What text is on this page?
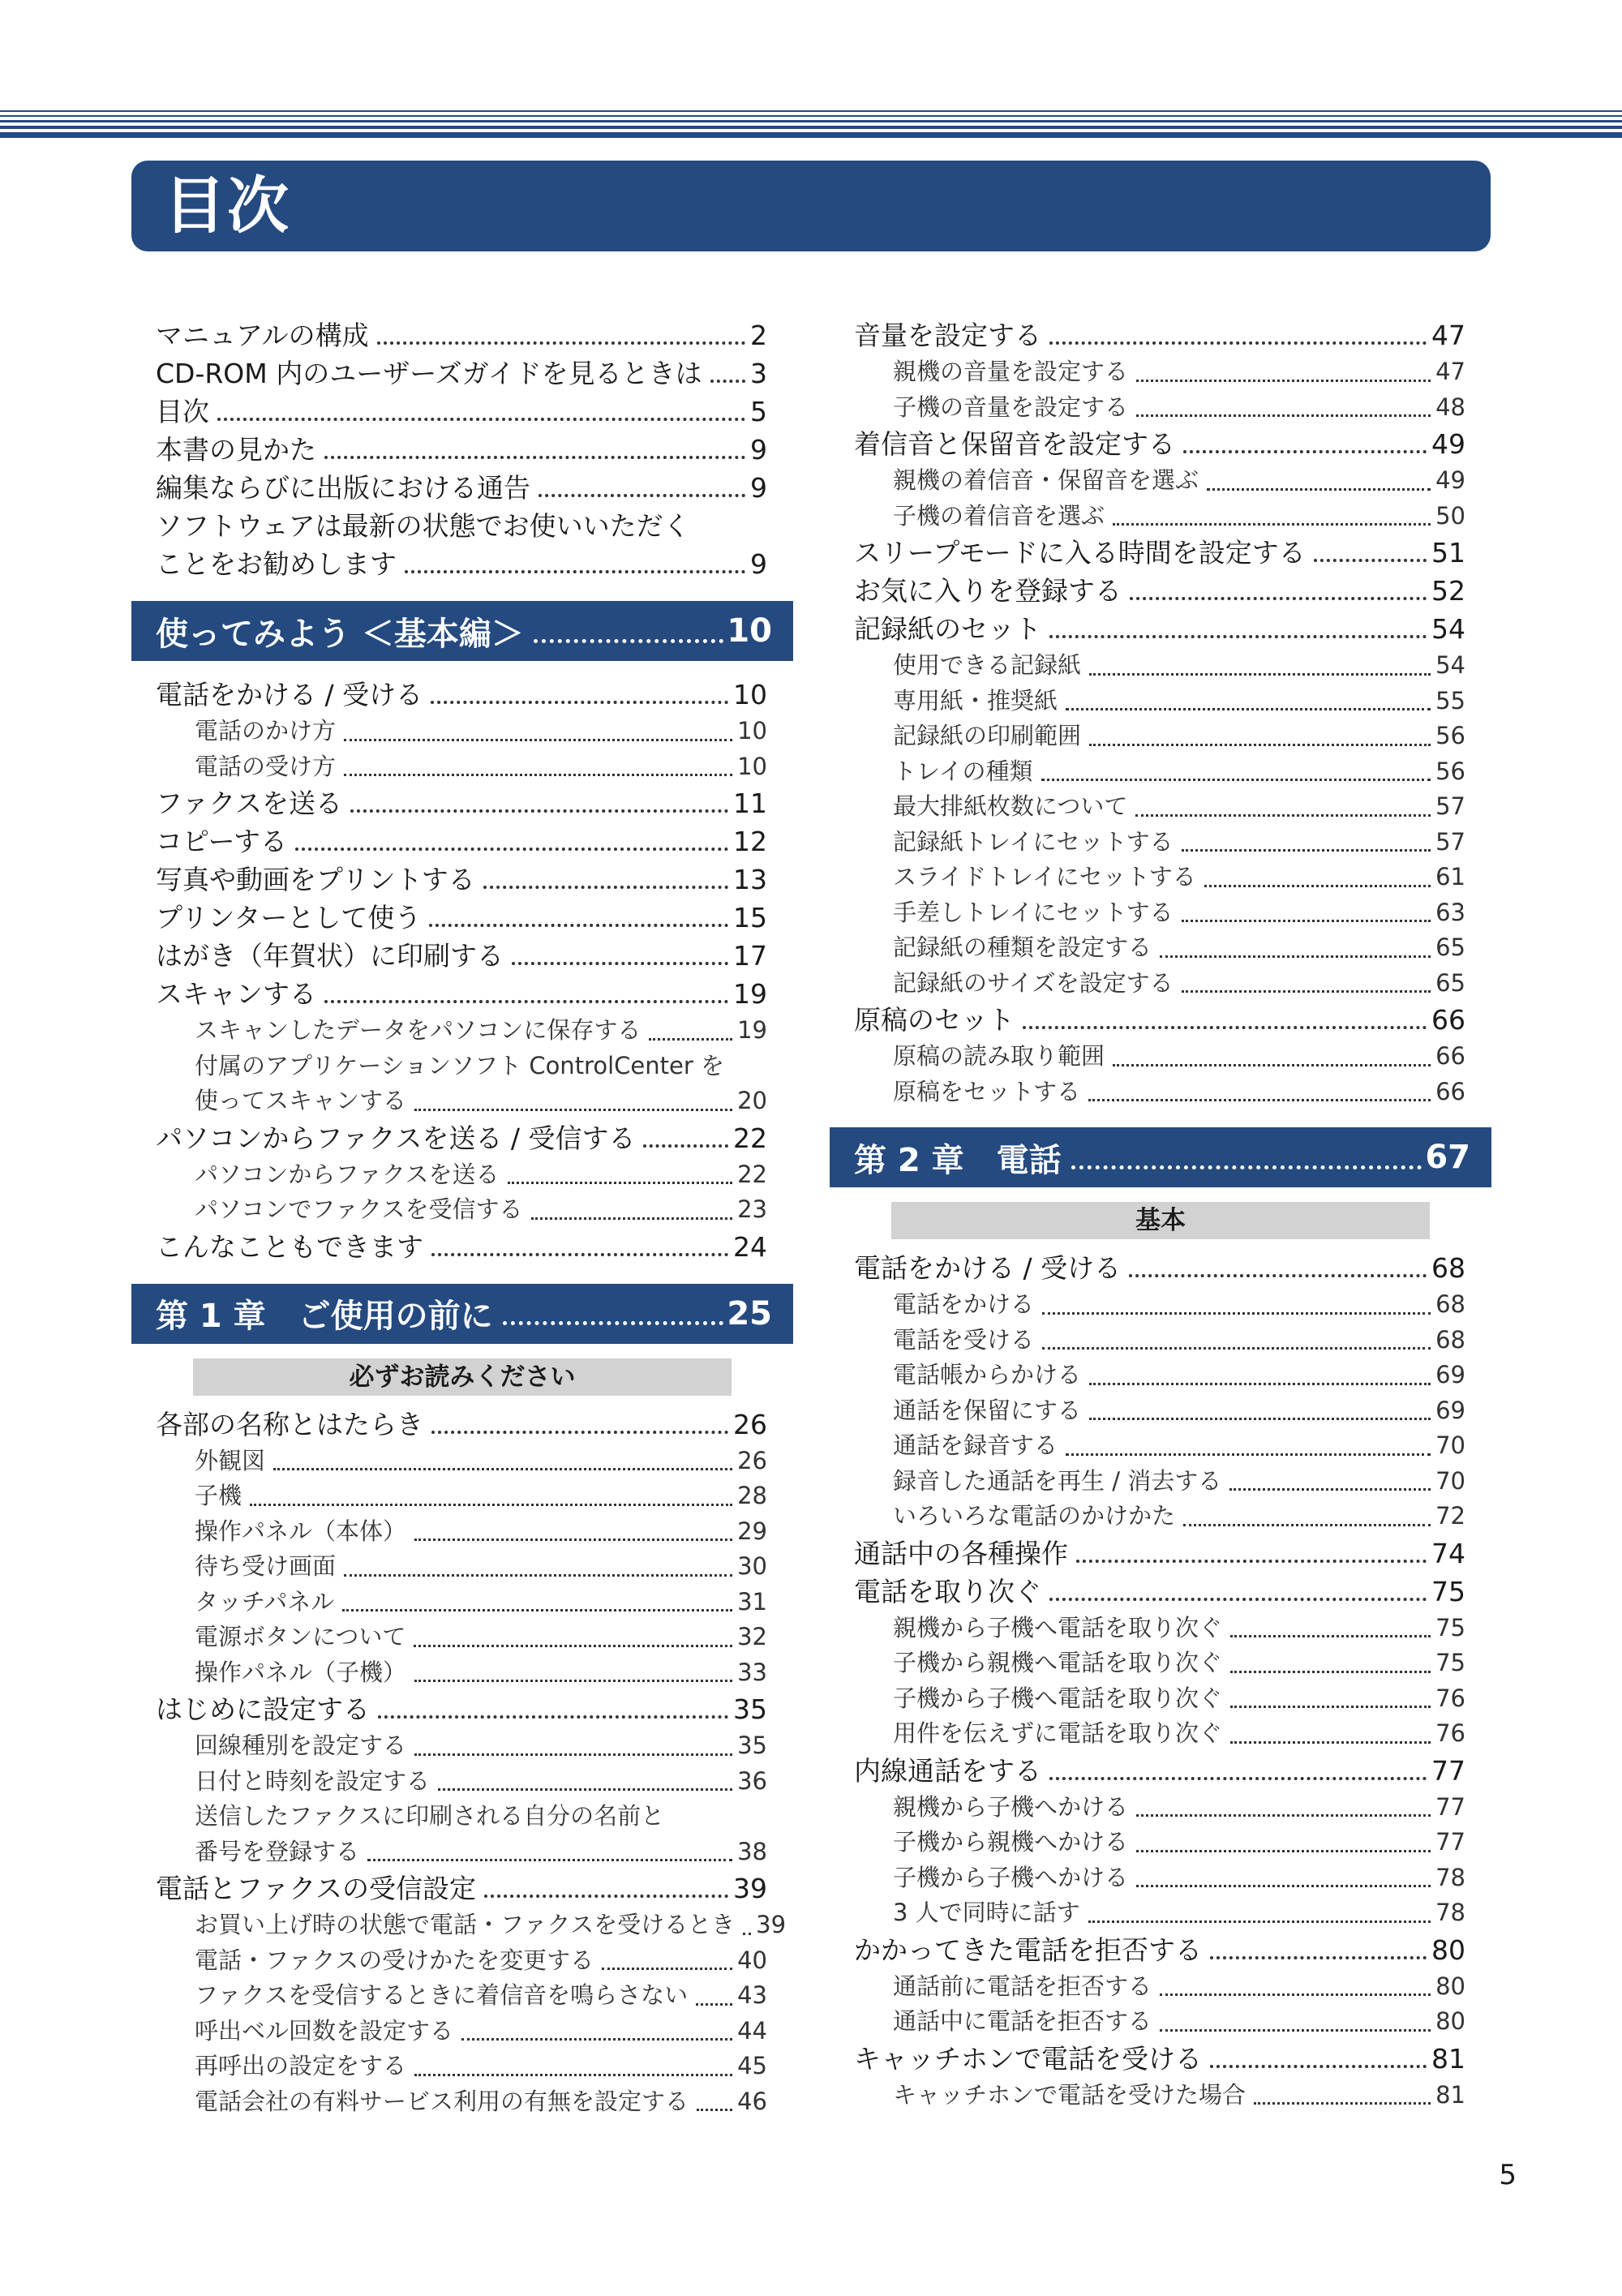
目次
マニュアルの構成	2
CD-ROM 内のユーザーズガイドを見るときは	3
目次	5
本書の見かた	9
編集ならびに出版における通告	9
ソフトウェアは最新の状態でお使いいただく
ことをお勧めします	9
使ってみよう ＜基本編＞	10
電話をかける / 受ける	10
電話のかけ方	10
電話の受け方	10
ファクスを送る	11
コピーする	12
写真や動画をプリントする	13
プリンターとして使う	15
はがき（年賀状）に印刷する	17
スキャンする	19
スキャンしたデータをパソコンに保存する	19
付属のアプリケーションソフト ControlCenter を
使ってスキャンする	20
パソコンからファクスを送る / 受信する	22
パソコンからファクスを送る	22
パソコンでファクスを受信する	23
こんなこともできます	24
第 1 章　ご使用の前に	25
必ずお読みください
各部の名称とはたらき	26
外観図	26
子機	28
操作パネル（本体）	29
待ち受け画面	30
タッチパネル	31
電源ボタンについて	32
操作パネル（子機）	33
はじめに設定する	35
回線種別を設定する	35
日付と時刻を設定する	36
送信したファクスに印刷される自分の名前と
番号を登録する	38
電話とファクスの受信設定	39
お買い上げ時の状態で電話・ファクスを受けるとき 39
電話・ファクスの受けかたを変更する	40
ファクスを受信するときに着信音を鳴らさない	43
呼出ベル回数を設定する	44
再呼出の設定をする	45
電話会社の有料サービス利用の有無を設定する	46
音量を設定する	47
親機の音量を設定する	47
子機の音量を設定する	48
着信音と保留音を設定する	49
親機の着信音・保留音を選ぶ	49
子機の着信音を選ぶ	50
スリープモードに入る時間を設定する	51
お気に入りを登録する	52
記録紙のセット	54
使用できる記録紙	54
専用紙・推奨紙	55
記録紙の印刷範囲	56
トレイの種類	56
最大排紙枚数について	57
記録紙トレイにセットする	57
スライドトレイにセットする	61
手差しトレイにセットする	63
記録紙の種類を設定する	65
記録紙のサイズを設定する	65
原稿のセット	66
原稿の読み取り範囲	66
原稿をセットする	66
第 2 章　電話	67
基本
電話をかける / 受ける	68
電話をかける	68
電話を受ける	68
電話帳からかける	69
通話を保留にする	69
通話を録音する	70
録音した通話を再生 / 消去する	70
いろいろな電話のかけかた	72
通話中の各種操作	74
電話を取り次ぐ	75
親機から子機へ電話を取り次ぐ	75
子機から親機へ電話を取り次ぐ	75
子機から子機へ電話を取り次ぐ	76
用件を伝えずに電話を取り次ぐ	76
内線通話をする	77
親機から子機へかける	77
子機から親機へかける	77
子機から子機へかける	78
3 人で同時に話す	78
かかってきた電話を拒否する	80
通話前に電話を拒否する	80
通話中に電話を拒否する	80
キャッチホンで電話を受ける	81
キャッチホンで電話を受けた場合	81
5
